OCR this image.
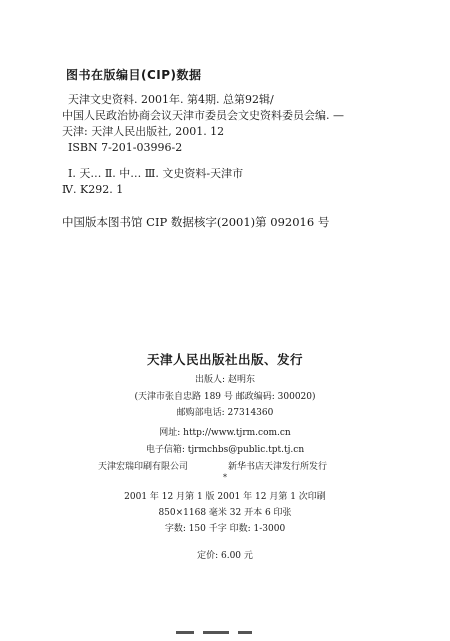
图书在版编目(CIP)数据
天津文史资料. 2001年. 第4期. 总第92辑/
中国人民政治协商会议天津市委员会文史资料委员会编. —
天津: 天津人民出版社, 2001. 12
ISBN 7-201-03996-2
Ⅰ. 天… Ⅱ. 中… Ⅲ. 文史资料-天津市
Ⅳ. K292. 1
中国版本图书馆 CIP 数据核字(2001)第 092016 号
天津人民出版社出版、发行
出版人: 赵明东
(天津市张自忠路 189 号 邮政编码: 300020)
邮购部电话: 27314360
网址: http://www.tjrm.com.cn
电子信箱: tjrmchbs@public.tpt.tj.cn
天津宏瑞印刷有限公司	新华书店天津发行所发行
*
2001 年 12 月第 1 版 2001 年 12 月第 1 次印刷
850×1168 毫米 32 开本 6 印张
字数: 150 千字 印数: 1-3000
定价: 6.00 元
